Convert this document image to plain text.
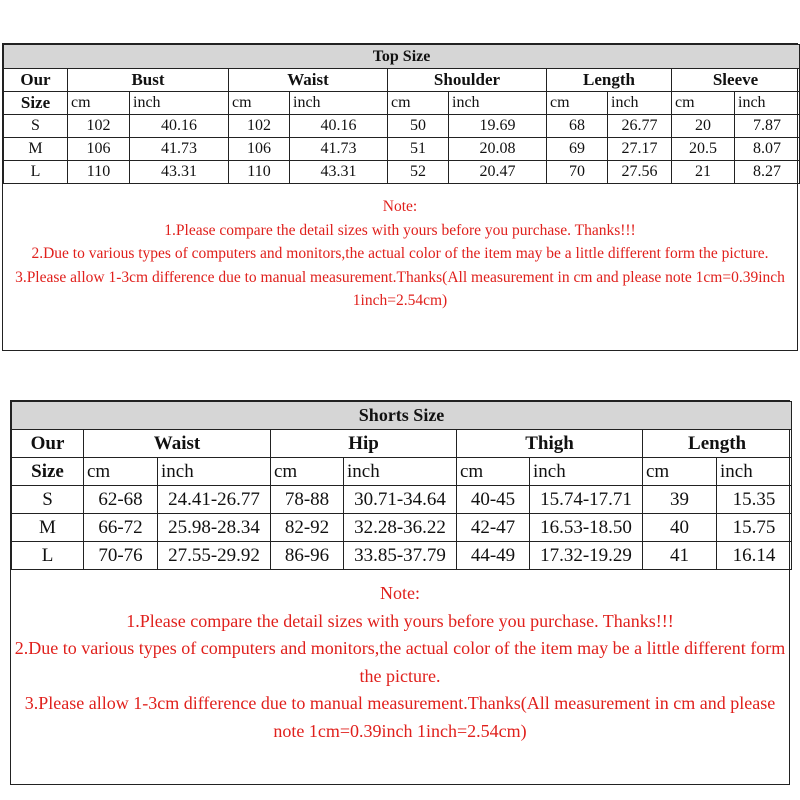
Top Size										
Our	Bust		Waist		Shoulder		Length		Sleeve	
Size	cm	inch	cm	inch	cm	inch	cm	inch	cm	inch
S	102	40.16	102	40.16	50	19.69	68	26.77	20	7.87
M	106	41.73	106	41.73	51	20.08	69	27.17	20.5	8.07
L	110	43.31	110	43.31	52	20.47	70	27.56	21	8.27

Note:

1.Please compare the detail sizes with yours before you purchase. Thanks!!!

2.Due to various types of computers and monitors,the actual color of the item may be a little different form the picture.

3.Please allow 1-3cm difference due to manual measurement.Thanks(All measurement in cm and please note 1cm=0.39inch 1inch=2.54cm)

Shorts Size								
Our	Waist		Hip		Thigh		Length	
Size	cm	inch	cm	inch	cm	inch	cm	inch
S	62-68	24.41-26.77	78-88	30.71-34.64	40-45	15.74-17.71	39	15.35
M	66-72	25.98-28.34	82-92	32.28-36.22	42-47	16.53-18.50	40	15.75
L	70-76	27.55-29.92	86-96	33.85-37.79	44-49	17.32-19.29	41	16.14

Note:

1.Please compare the detail sizes with yours before you purchase. Thanks!!!

2.Due to various types of computers and monitors,the actual color of the item may be a little different form the picture.

3.Please allow 1-3cm difference due to manual measurement.Thanks(All measurement in cm and please note 1cm=0.39inch 1inch=2.54cm)
